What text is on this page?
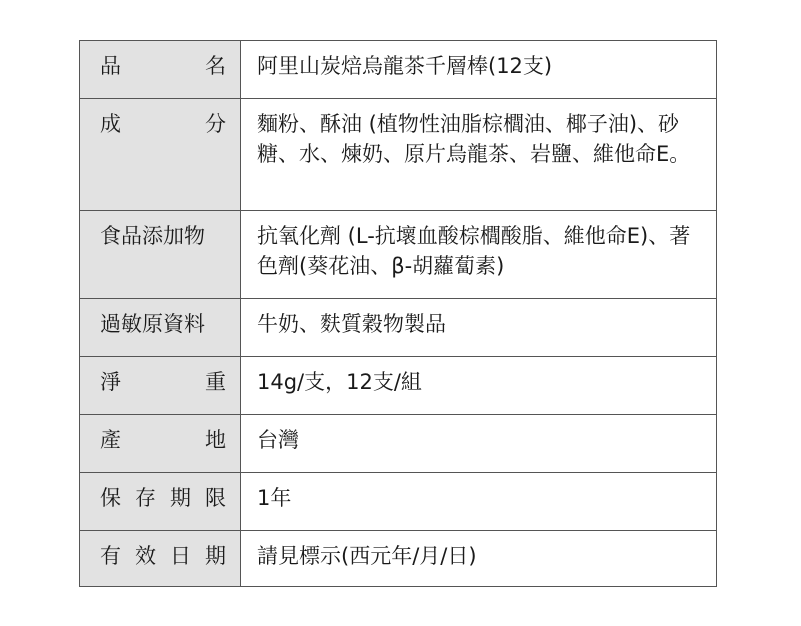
品　　　名	阿里山炭焙烏龍茶千層棒(12支)

成　　　分	麵粉、酥油 (植物性油脂棕櫚油、椰子油)、砂糖、水、煉奶、原片烏龍茶、岩鹽、維他命E。

食品添加物	抗氧化劑 (L-抗壞血酸棕櫚酸脂、維他命E)、著色劑(葵花油、β-胡蘿蔔素)

過敏原資料	牛奶、麩質穀物製品

淨　　　重	14g/支，12支/組

產　　　地	台灣

保存期限	1年

有效日期	請見標示(西元年/月/日)
